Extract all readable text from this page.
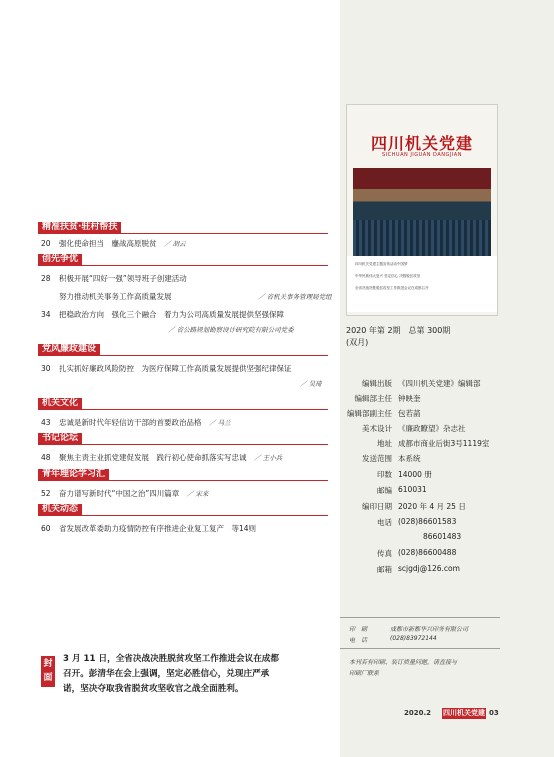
四川机关党建
SICHUAN JIGUAN DANGJIAN
四川机关党建主题宣传活动中国梦
中华民族伟大复兴 坚定信心 决胜脱贫攻坚
全省决战决胜脱贫攻坚工作推进会议在成都召开
2020 年第 2期　总第 300期
(双月)
精准扶贫·驻村帮扶
20 强化使命担当　鏖战高原脱贫　 ／ 胡云
创先争优
28 积极开展“四好一强”领导班子创建活动
努力推动机关事务工作高质量发展	／ 省机关事务管理局党组
34 把稳政治方向　强化三个融合　着力为公司高质量发展提供坚强保障
／ 省公路规划勘察设计研究院有限公司党委
党风廉政建设
30 扎实抓好廉政风险防控　为医疗保障工作高质量发展提供坚强纪律保证
／ 吴琦
机关文化
43 忠诚是新时代年轻信访干部的首要政治品格　 ／ 马兰
书记论坛
48 聚焦主责主业抓党建促发展　践行初心使命抓落实写忠诚　 ／ 王小兵
青年理论学习汇
52 奋力谱写新时代“中国之治”四川篇章　 ／ 宋来
机关动态
60 省发展改革委助力疫情防控有序推进企业复工复产　等14则
编辑出版 《四川机关党建》编辑部
编辑部主任 钟映奎
编辑部副主任 包若菡
美术设计 《廉政瞭望》杂志社
地址 成都市商业后街3号1119室
发送范围 本系统
印数 14000 册
邮编 610031
编印日期 2020 年 4 月 25 日
电话 (028)86601583
86601483
传真 (028)86600488
邮箱 scjgdj@126.com
印　刷	成都市新都华兴印务有限公司
电　话	(028)83972144
本刊若有印刷、装订质量问题，请直接与
印刷厂联系
封面
3 月 11 日，全省决战决胜脱贫攻坚工作推进会议在成都
召开。彭清华在会上强调，坚定必胜信心，兑现庄严承
诺，坚决夺取我省脱贫攻坚收官之战全面胜利。
2020.2 四川机关党建 03
